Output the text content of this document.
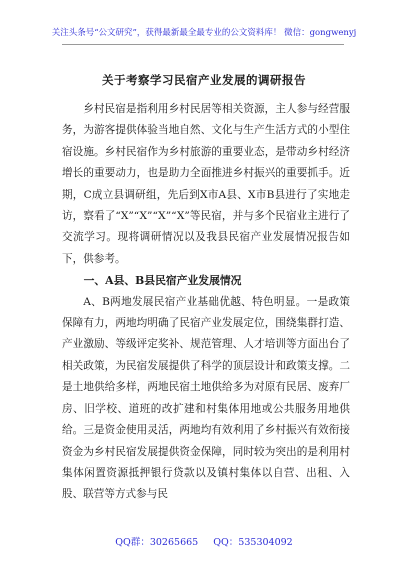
关注头条号“公文研究”，获得最新最全最专业的公文资料库！ 微信：gongwenyj
关于考察学习民宿产业发展的调研报告

乡村民宿是指利用乡村民居等相关资源，主人参与经营服务，为游客提供体验当地自然、文化与生产生活方式的小型住宿设施。乡村民宿作为乡村旅游的重要业态，是带动乡村经济增长的重要动力，也是助力全面推进乡村振兴的重要抓手。近期，C成立县调研组，先后到X市A县、X市B县进行了实地走访，察看了“X”“X”“X”“X”等民宿，并与多个民宿业主进行了交流学习。现将调研情况以及我县民宿产业发展情况报告如下，供参考。

一、A县、B县民宿产业发展情况

A、B两地发展民宿产业基础优越、特色明显。一是政策保障有力，两地均明确了民宿产业发展定位，围绕集群打造、产业激励、等级评定奖补、规范管理、人才培训等方面出台了相关政策，为民宿发展提供了科学的顶层设计和政策支撑。二是土地供给多样，两地民宿土地供给多为对原有民居、废弃厂房、旧学校、道班的改扩建和村集体用地或公共服务用地供给。三是资金使用灵活，两地均有效利用了乡村振兴有效衔接资金为乡村民宿发展提供资金保障，同时较为突出的是利用村集体闲置资源抵押银行贷款以及镇村集体以自营、出租、入股、联营等方式参与民

QQ群：30265665 QQ：535304092
